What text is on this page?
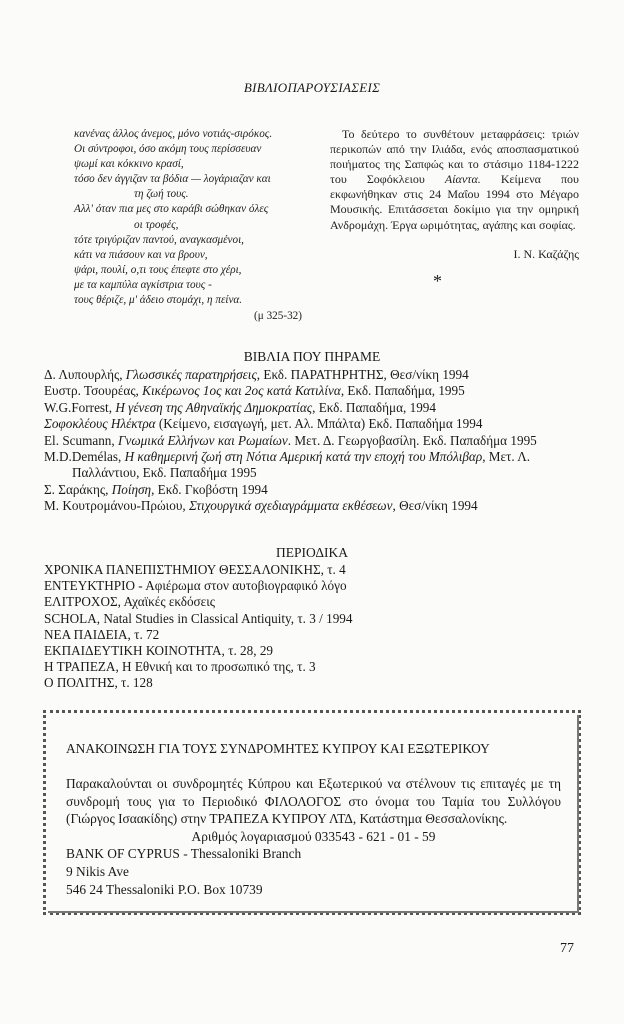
ΒΙΒΛΙΟΠΑΡΟΥΣΙΑΣΕΙΣ
κανένας άλλος άνεμος, μόνο νοτιάς-σιρόκος.
Οι σύντροφοι, όσο ακόμη τους περίσσευαν
ψωμί και κόκκινο κρασί,
τόσο δεν άγγιζαν τα βόδια — λογάριαζαν και
τη ζωή τους.
Αλλ' όταν πια μες στο καράβι σώθηκαν όλες
οι τροφές,
τότε τριγύριζαν παντού, αναγκασμένοι,
κάτι να πιάσουν και να βρουν,
ψάρι, πουλί, ο,τι τους έπεφτε στο χέρι,
με τα καμπύλα αγκίστρια τους -
τους θέριζε, μ' άδειο στομάχι, η πείνα.
(μ 325-32)

Το δεύτερο το συνθέτουν μεταφράσεις: τριών περικοπών από την Ιλιάδα, ενός αποσπασματικού ποιήματος της Σαπφώς και το στάσιμο 1184-1222 του Σοφόκλειου Αίαντα. Κείμενα που εκφωνήθηκαν στις 24 Μαΐου 1994 στο Μέγαρο Μουσικής. Επιτάσσεται δοκίμιο για την ομηρική Ανδρομάχη. Έργα ωριμότητας, αγάπης και σοφίας.

Ι. Ν. Καζάζης
*
ΒΙΒΛΙΑ ΠΟΥ ΠΗΡΑΜΕ
Δ. Λυπουρλής, Γλωσσικές παρατηρήσεις, Εκδ. ΠΑΡΑΤΗΡΗΤΗΣ, Θεσ/νίκη 1994
Ευστρ. Τσουρέας, Κικέρωνος 1ος και 2ος κατά Κατιλίνα, Εκδ. Παπαδήμα, 1995
W.G.Forrest, Η γένεση της Αθηναϊκής Δημοκρατίας, Εκδ. Παπαδήμα, 1994
Σοφοκλέους Ηλέκτρα (Κείμενο, εισαγωγή, μετ. Αλ. Μπάλτα) Εκδ. Παπαδήμα 1994
El. Scumann, Γνωμικά Ελλήνων και Ρωμαίων. Μετ. Δ. Γεωργοβασίλη. Εκδ. Παπαδήμα 1995
M.D.Demélas, Η καθημερινή ζωή στη Νότια Αμερική κατά την εποχή του Μπόλιβαρ, Μετ. Λ. Παλλάντιου, Εκδ. Παπαδήμα 1995
Σ. Σαράκης, Ποίηση, Εκδ. Γκοβόστη 1994
Μ. Κουτρομάνου-Πρώιου, Στιχουργικά σχεδιαγράμματα εκθέσεων, Θεσ/νίκη 1994
ΠΕΡΙΟΔΙΚΑ
ΧΡΟΝΙΚΑ ΠΑΝΕΠΙΣΤΗΜΙΟΥ ΘΕΣΣΑΛΟΝΙΚΗΣ, τ. 4
ΕΝΤΕΥΚΤΗΡΙΟ - Αφιέρωμα στον αυτοβιογραφικό λόγο
ΕΛΙΤΡΟΧΟΣ, Αχαϊκές εκδόσεις
SCHOLA, Natal Studies in Classical Antiquity, τ. 3 / 1994
ΝΕΑ ΠΑΙΔΕΙΑ, τ. 72
ΕΚΠΑΙΔΕΥΤΙΚΗ ΚΟΙΝΟΤΗΤΑ, τ. 28, 29
Η ΤΡΑΠΕΖΑ, Η Εθνική και το προσωπικό της, τ. 3
Ο ΠΟΛΙΤΗΣ, τ. 128
ΑΝΑΚΟΙΝΩΣΗ ΓΙΑ ΤΟΥΣ ΣΥΝΔΡΟΜΗΤΕΣ ΚΥΠΡΟΥ ΚΑΙ ΕΞΩΤΕΡΙΚΟΥ
Παρακαλούνται οι συνδρομητές Κύπρου και Εξωτερικού να στέλνουν τις επιταγές με τη συνδρομή τους για το Περιοδικό ΦΙΛΟΛΟΓΟΣ στο όνομα του Ταμία του Συλλόγου (Γιώργος Ισαακίδης) στην ΤΡΑΠΕΖΑ ΚΥΠΡΟΥ ΛΤΔ, Κατάστημα Θεσσαλονίκης.
Αριθμός λογαριασμού 033543 - 621 - 01 - 59
BANK OF CYPRUS - Thessaloniki Branch
9 Nikis Ave
546 24 Thessaloniki P.O. Box 10739
77
